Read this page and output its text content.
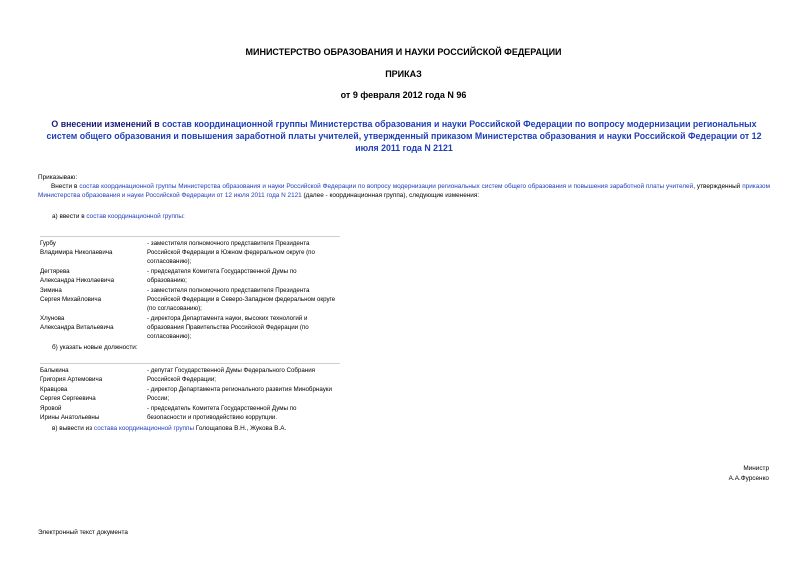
МИНИСТЕРСТВО ОБРАЗОВАНИЯ И НАУКИ РОССИЙСКОЙ ФЕДЕРАЦИИ
ПРИКАЗ
от 9 февраля 2012 года N 96
О внесении изменений в состав координационной группы Министерства образования и науки Российской Федерации по вопросу модернизации региональных систем общего образования и повышения заработной платы учителей, утвержденный приказом Министерства образования и науки Российской Федерации от 12 июля 2011 года N 2121
Приказываю:
Внести в состав координационной группы Министерства образования и науки Российской Федерации по вопросу модернизации региональных систем общего образования и повышения заработной платы учителей, утвержденный приказом Министерства образования и науки Российской Федерации от 12 июля 2011 года N 2121 (далее - координационная группа), следующие изменения:
а) ввести в состав координационной группы:
Гурбу
Владимира Николаевича
- заместителя полномочного представителя Президента Российской Федерации в Южном федеральном округе (по согласованию);
Дегтярева
Александра Николаевича
- председателя Комитета Государственной Думы по образованию;
Зимина
Сергея Михайловича
- заместителя полномочного представителя Президента Российской Федерации в Северо-Западном федеральном округе (по согласованию);
Хлунова
Александра Витальевича
- директора Департамента науки, высоких технологий и образования Правительства Российской Федерации (по согласованию);
б) указать новые должности:
Балыкина
Григория Артемовича
- депутат Государственной Думы Федерального Собрания Российской Федерации;
Кравцова
Сергея Сергеевича
- директор Департамента регионального развития Минобрнауки России;
Яровой
Ирины Анатольевны
- председатель Комитета Государственной Думы по безопасности и противодействию коррупции.
в) вывести из состава координационной группы Голощапова В.Н., Жукова В.А.
Министр
А.А.Фурсенко
Электронный текст документа
